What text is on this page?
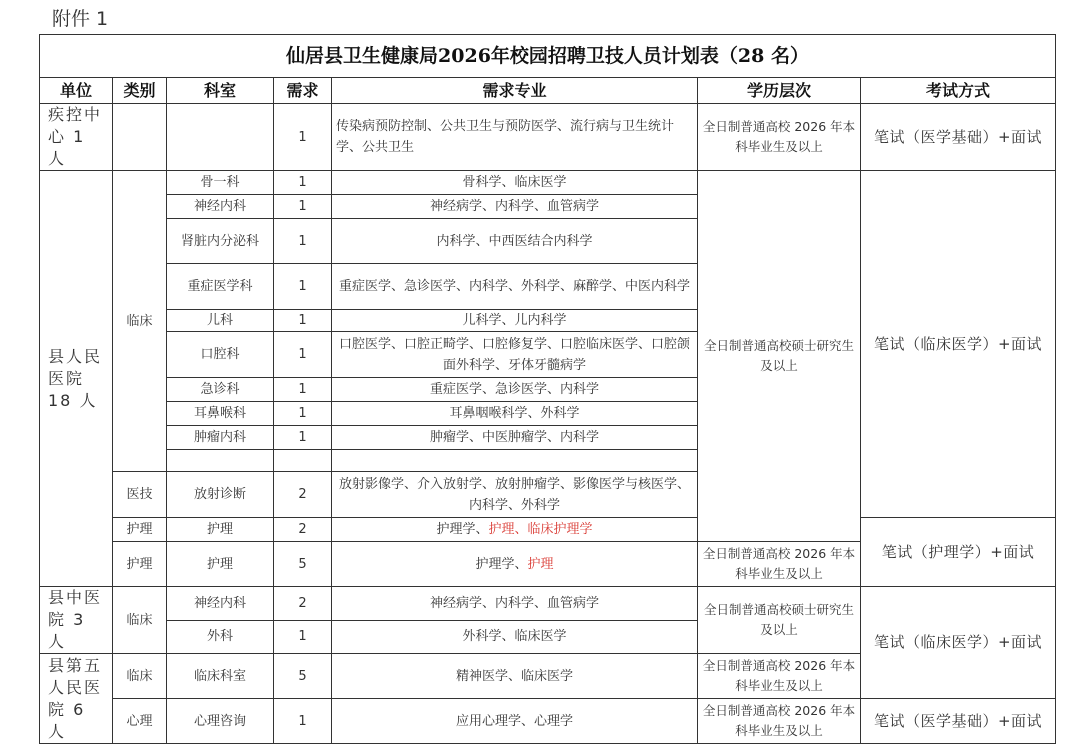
附件 1
仙居县卫生健康局2026年校园招聘卫技人员计划表（28 名）						
单位	类别	科室	需求	需求专业	学历层次	考试方式
疾控中心 1 人			1	传染病预防控制、公共卫生与预防医学、流行病与卫生统计学、公共卫生	全日制普通高校 2026 年本科毕业生及以上	笔试（医学基础）+面试
县人民医院 18 人	临床	骨一科	1	骨科学、临床医学	全日制普通高校硕士研究生及以上	笔试（临床医学）+面试
		神经内科	1	神经病学、内科学、血管病学		
		肾脏内分泌科	1	内科学、中西医结合内科学		
		重症医学科	1	重症医学、急诊医学、内科学、外科学、麻醉学、中医内科学		
		儿科	1	儿科学、儿内科学		
		口腔科	1	口腔医学、口腔正畸学、口腔修复学、口腔临床医学、口腔颌面外科学、牙体牙髓病学		
		急诊科	1	重症医学、急诊医学、内科学		
		耳鼻喉科	1	耳鼻咽喉科学、外科学		
		肿瘤内科	1	肿瘤学、中医肿瘤学、内科学		

	医技	放射诊断	2	放射影像学、介入放射学、放射肿瘤学、影像医学与核医学、内科学、外科学		
	护理	护理	2	护理学、护理、临床护理学		笔试（护理学）+面试
	护理	护理	5	护理学、护理	全日制普通高校 2026 年本科毕业生及以上	
县中医院 3 人	临床	神经内科	2	神经病学、内科学、血管病学	全日制普通高校硕士研究生及以上	笔试（临床医学）+面试
		外科	1	外科学、临床医学		
县第五人民医院 6 人	临床	临床科室	5	精神医学、临床医学	全日制普通高校 2026 年本科毕业生及以上	
	心理	心理咨询	1	应用心理学、心理学	全日制普通高校 2026 年本科毕业生及以上	笔试（医学基础）+面试
